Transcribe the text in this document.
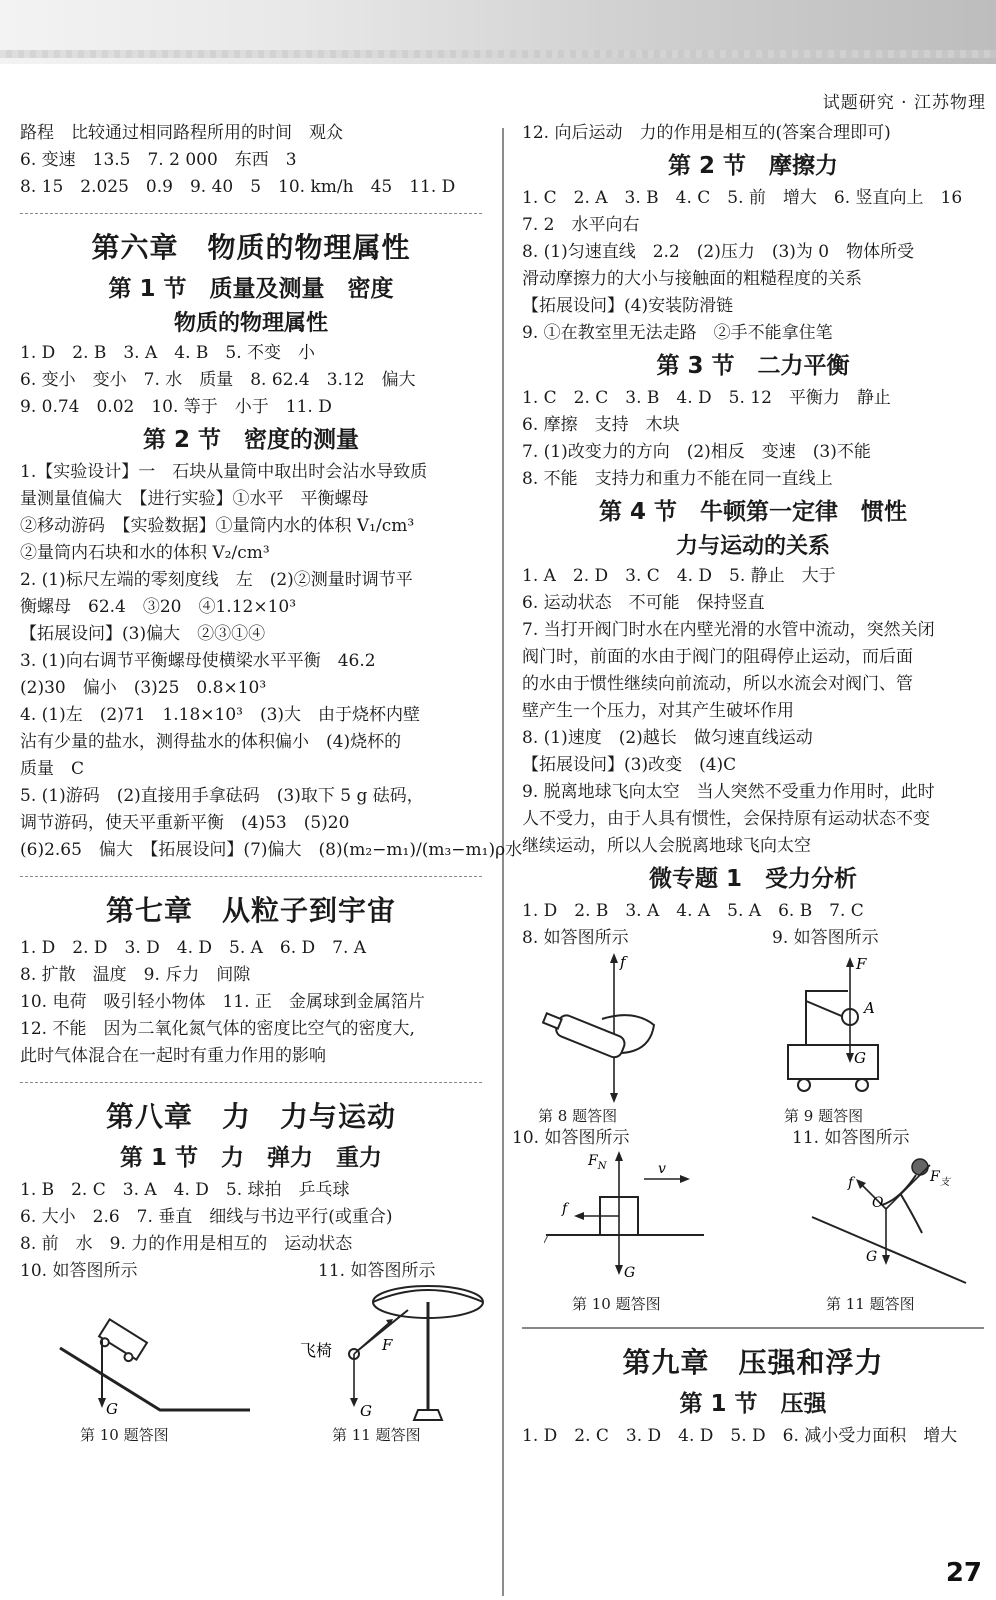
试题研究 · 江苏物理
路程　比较通过相同路程所用的时间　观众
6. 变速　13.5　7. 2 000　东西　3
8. 15　2.025　0.9　9. 40　5　10. km/h　45　11. D
第六章　物质的物理属性
第 1 节　质量及测量　密度
物质的物理属性
1. D　2. B　3. A　4. B　5. 不变　小
6. 变小　变小　7. 水　质量　8. 62.4　3.12　偏大
9. 0.74　0.02　10. 等于　小于　11. D
第 2 节　密度的测量
1.【实验设计】一　石块从量筒中取出时会沾水导致质
量测量值偏大　【进行实验】①水平　平衡螺母
②移动游码　【实验数据】①量筒内水的体积 V₁/cm³
②量筒内石块和水的体积 V₂/cm³
2. (1)标尺左端的零刻度线　左　(2)②测量时调节平
衡螺母　62.4　③20　④1.12×10³
【拓展设问】(3)偏大　②③①④
3. (1)向右调节平衡螺母使横梁水平平衡　46.2
(2)30　偏小　(3)25　0.8×10³
4. (1)左　(2)71　1.18×10³　(3)大　由于烧杯内壁
沾有少量的盐水，测得盐水的体积偏小　(4)烧杯的
质量　C
5. (1)游码　(2)直接用手拿砝码　(3)取下 5 g 砝码，
调节游码，使天平重新平衡　(4)53　(5)20
(6)2.65　偏大　【拓展设问】(7)偏大　(8)(m₂−m₁)/(m₃−m₁)ρ水
第七章　从粒子到宇宙
1. D　2. D　3. D　4. D　5. A　6. D　7. A
8. 扩散　温度　9. 斥力　间隙
10. 电荷　吸引轻小物体　11. 正　金属球到金属箔片
12. 不能　因为二氧化氮气体的密度比空气的密度大,
此时气体混合在一起时有重力作用的影响
第八章　力　力与运动
第 1 节　力　弹力　重力
1. B　2. C　3. A　4. D　5. 球拍　乒乓球
6. 大小　2.6　7. 垂直　细线与书边平行(或重合)
8. 前　水　9. 力的作用是相互的　运动状态
10. 如答图所示	11. 如答图所示
G
第 10 题答图
F
G
飞椅
第 11 题答图
12. 向后运动　力的作用是相互的(答案合理即可)
第 2 节　摩擦力
1. C　2. A　3. B　4. C　5. 前　增大　6. 竖直向上　16
7. 2　水平向右
8. (1)匀速直线　2.2　(2)压力　(3)为 0　物体所受
滑动摩擦力的大小与接触面的粗糙程度的关系
【拓展设问】(4)安装防滑链
9. ①在教室里无法走路　②手不能拿住笔
第 3 节　二力平衡
1. C　2. C　3. B　4. D　5. 12　平衡力　静止
6. 摩擦　支持　木块
7. (1)改变力的方向　(2)相反　变速　(3)不能
8. 不能　支持力和重力不能在同一直线上
第 4 节　牛顿第一定律　惯性
力与运动的关系
1. A　2. D　3. C　4. D　5. 静止　大于
6. 运动状态　不可能　保持竖直
7. 当打开阀门时水在内壁光滑的水管中流动，突然关闭
阀门时，前面的水由于阀门的阻碍停止运动，而后面
的水由于惯性继续向前流动，所以水流会对阀门、管
壁产生一个压力，对其产生破坏作用
8. (1)速度　(2)越长　做匀速直线运动
【拓展设问】(3)改变　(4)C
9. 脱离地球飞向太空　当人突然不受重力作用时，此时
人不受力，由于人具有惯性，会保持原有运动状态不变
继续运动，所以人会脱离地球飞向太空
微专题 1　受力分析
1. D　2. B　3. A　4. A　5. A　6. B　7. C
8. 如答图所示	9. 如答图所示
f
第 8 题答图
F
A
G
第 9 题答图
10. 如答图所示	11. 如答图所示
$F_N$	v
f
G
第 10 题答图
f	$F_支$
O
G
第 11 题答图
第九章　压强和浮力
第 1 节　压强
1. D　2. C　3. D　4. D　5. D　6. 减小受力面积　增大
27
